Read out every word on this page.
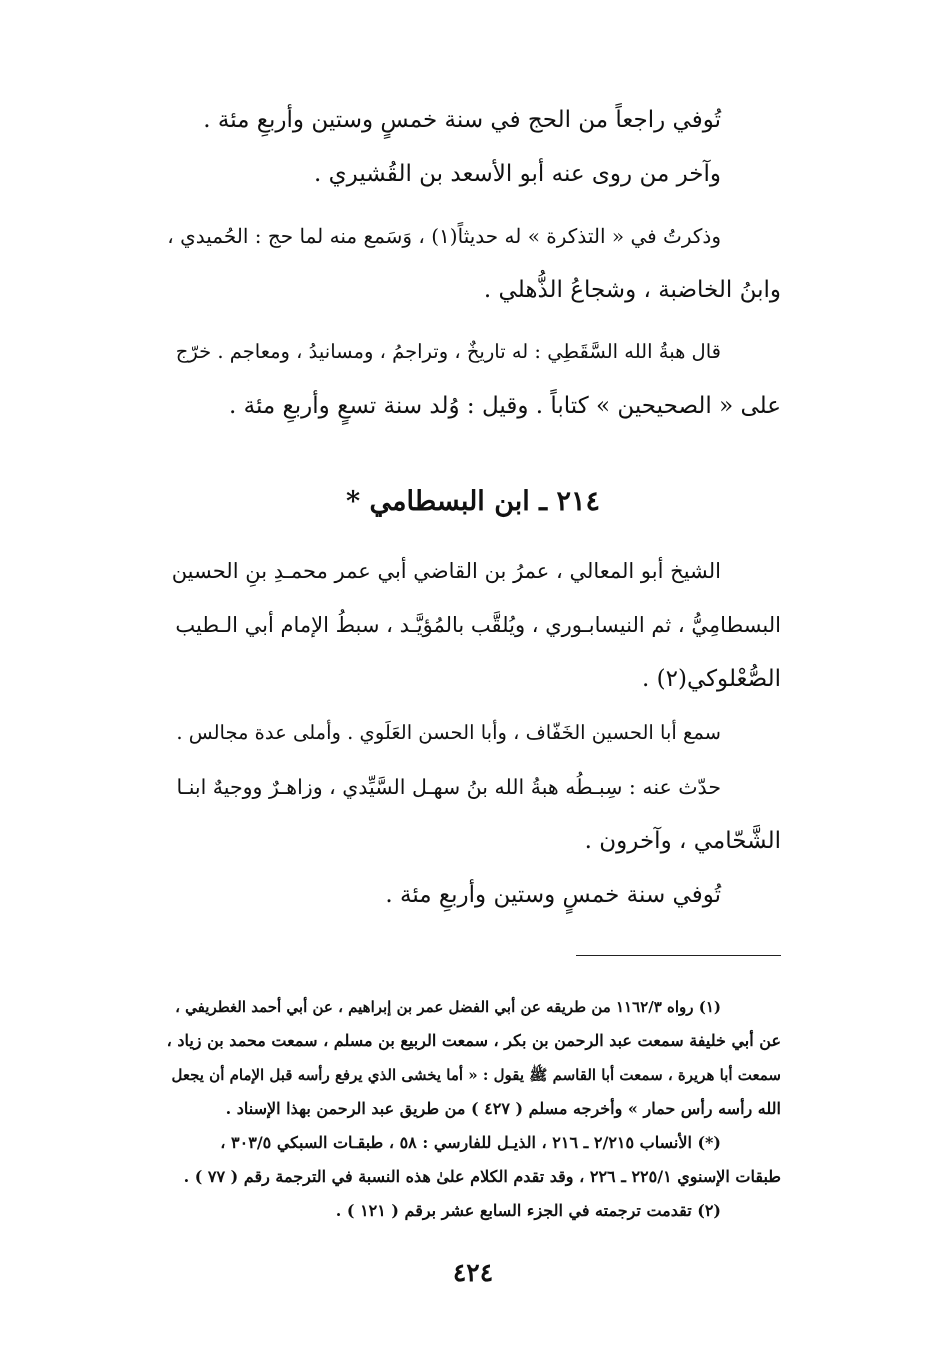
تُوفي راجعاً من الحج في سنة خمسٍ وستين وأربعِ مئة .
وآخر من روى عنه أبو الأسعد بن القُشيري .
وذكرتُ في « التذكرة » له حديثاً(١) ، وَسَمع منه لما حج : الحُميدي ،
وابنُ الخاضبة ، وشجاعُ الذُّهلي .
قال هبةُ الله السَّقَطِي : له تاريخٌ ، وتراجمُ ، ومسانيدُ ، ومعاجم . خرّج
على « الصحيحين » كتاباً . وقيل : وُلد سنة تسعٍ وأربعِ مئة .
٢١٤ ـ ابن البسطامي *
الشيخ أبو المعالي ، عمرُ بن القاضي أبي عمر محمـدِ بنِ الحسين
البسطامِيُّ ، ثم النيسابـوري ، ويُلقَّب بالمُؤيَّـد ، سبطُ الإمام أبي الـطيب
الصُّعْلوكي(٢) .
سمع أبا الحسين الخَفّاف ، وأبا الحسن العَلَوي . وأملى عدة مجالس .
حدّث عنه : سِبـطُه هبةُ الله بنُ سهـل السَّيِّدي ، وزاهـرٌ ووجيهٌ ابنـا
الشَّحّامي ، وآخرون .
تُوفي سنة خمسٍ وستين وأربعِ مئة .
(١) رواه ١١٦٢/٣ من طريقه عن أبي الفضل عمر بن إبراهيم ، عن أبي أحمد الغطريفي ،
عن أبي خليفة سمعت عبد الرحمن بن بكر ، سمعت الربيع بن مسلم ، سمعت محمد بن زياد ،
سمعت أبا هريرة ، سمعت أبا القاسم ﷺ يقول : « أما يخشى الذي يرفع رأسه قبل الإمام أن يجعل
الله رأسه رأس حمار » وأخرجه مسلم ( ٤٢٧ ) من طريق عبد الرحمن بهذا الإسناد .
(*) الأنساب ٢/٢١٥ ـ ٢١٦ ، الذيـل للفارسي : ٥٨ ، طبقـات السبكي ٣٠٣/٥ ،
طبقات الإسنوي ٢٢٥/١ ـ ٢٢٦ ، وقد تقدم الكلام علىٰ هذه النسبة في الترجمة رقم ( ٧٧ ) .
(٢) تقدمت ترجمته في الجزء السابع عشر برقم ( ١٢١ ) .
٤٢٤
